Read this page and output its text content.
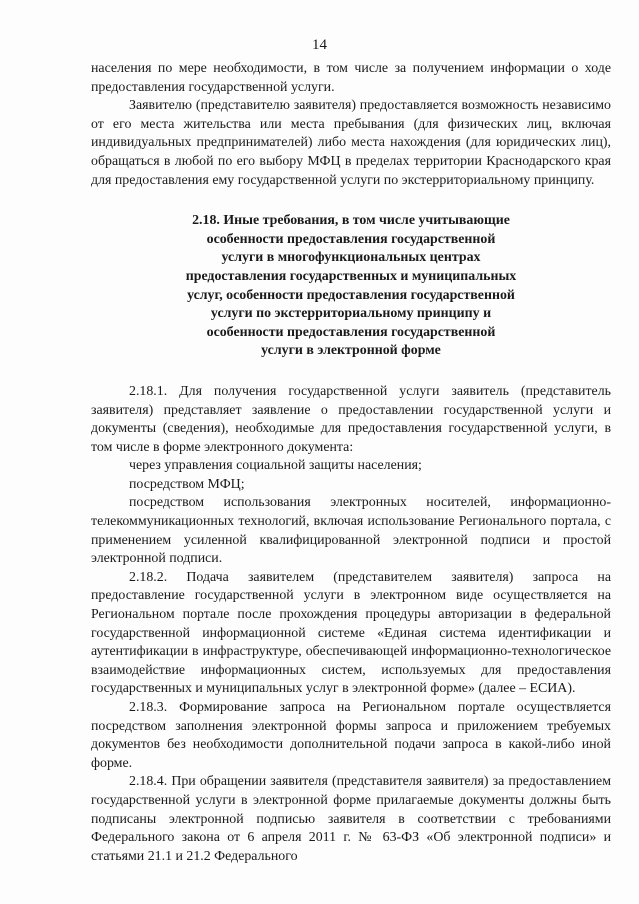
14

населения по мере необходимости, в том числе за получением информации о ходе предоставления государственной услуги.

Заявителю (представителю заявителя) предоставляется возможность независимо от его места жительства или места пребывания (для физических лиц, включая индивидуальных предпринимателей) либо места нахождения (для юридических лиц), обращаться в любой по его выбору МФЦ в пределах территории Краснодарского края для предоставления ему государственной услуги по экстерриториальному принципу.

2.18. Иные требования, в том числе учитывающие
особенности предоставления государственной
услуги в многофункциональных центрах
предоставления государственных и муниципальных
услуг, особенности предоставления государственной
услуги по экстерриториальному принципу и
особенности предоставления государственной
услуги в электронной форме

2.18.1. Для получения государственной услуги заявитель (представитель заявителя) представляет заявление о предоставлении государственной услуги и документы (сведения), необходимые для предоставления государственной услуги, в том числе в форме электронного документа:

через управления социальной защиты населения;

посредством МФЦ;

посредством использования электронных носителей, информационно-телекоммуникационных технологий, включая использование Регионального портала, с применением усиленной квалифицированной электронной подписи и простой электронной подписи.

2.18.2. Подача заявителем (представителем заявителя) запроса на предоставление государственной услуги в электронном виде осуществляется на Региональном портале после прохождения процедуры авторизации в федеральной государственной информационной системе «Единая система идентификации и аутентификации в инфраструктуре, обеспечивающей информационно-технологическое взаимодействие информационных систем, используемых для предоставления государственных и муниципальных услуг в электронной форме» (далее – ЕСИА).

2.18.3. Формирование запроса на Региональном портале осуществляется посредством заполнения электронной формы запроса и приложением требуемых документов без необходимости дополнительной подачи запроса в какой-либо иной форме.

2.18.4. При обращении заявителя (представителя заявителя) за предоставлением государственной услуги в электронной форме прилагаемые документы должны быть подписаны электронной подписью заявителя в соответствии с требованиями Федерального закона от 6 апреля 2011 г. № 63-ФЗ «Об электронной подписи» и статьями 21.1 и 21.2 Федерального
